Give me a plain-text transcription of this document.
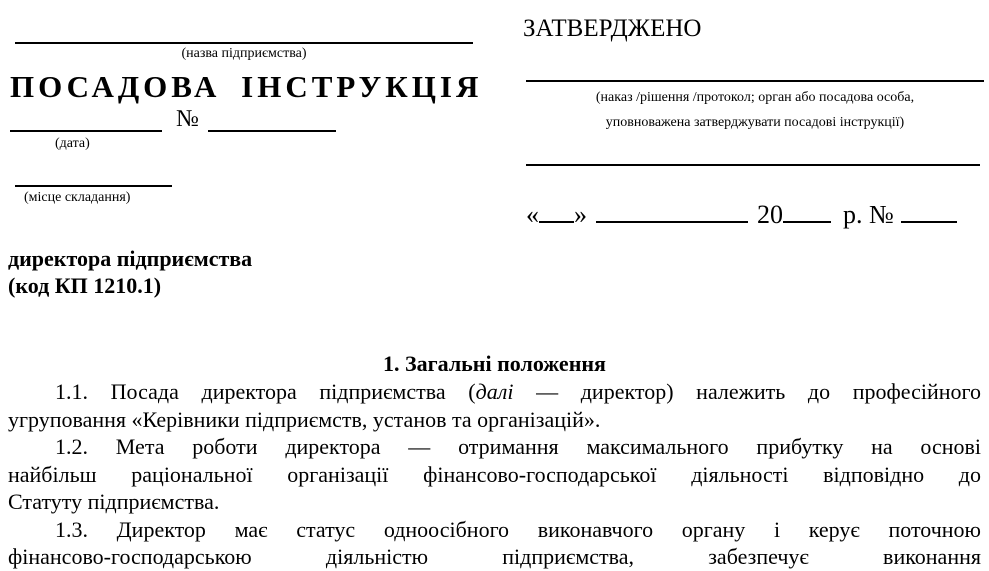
(назва підприємства)
ПОСАДОВА ІНСТРУКЦІЯ
№
(дата)
(місце складання)
директора підприємства
(код КП 1210.1)
ЗАТВЕРДЖЕНО
(наказ /рішення /протокол; орган або посадова особа,
уповноважена затверджувати посадові інструкції)
« »	20 р. №
1. Загальні положення
1.1. Посада директора підприємства (далі — директор) належить до професійного
угруповання «Керівники підприємств, установ та організацій».
1.2. Мета роботи директора — отримання максимального прибутку на основі
найбільш раціональної організації фінансово-господарської діяльності відповідно до
Статуту підприємства.
1.3. Директор має статус одноосібного виконавчого органу і керує поточною
фінансово-господарською діяльністю підприємства, забезпечує виконання
